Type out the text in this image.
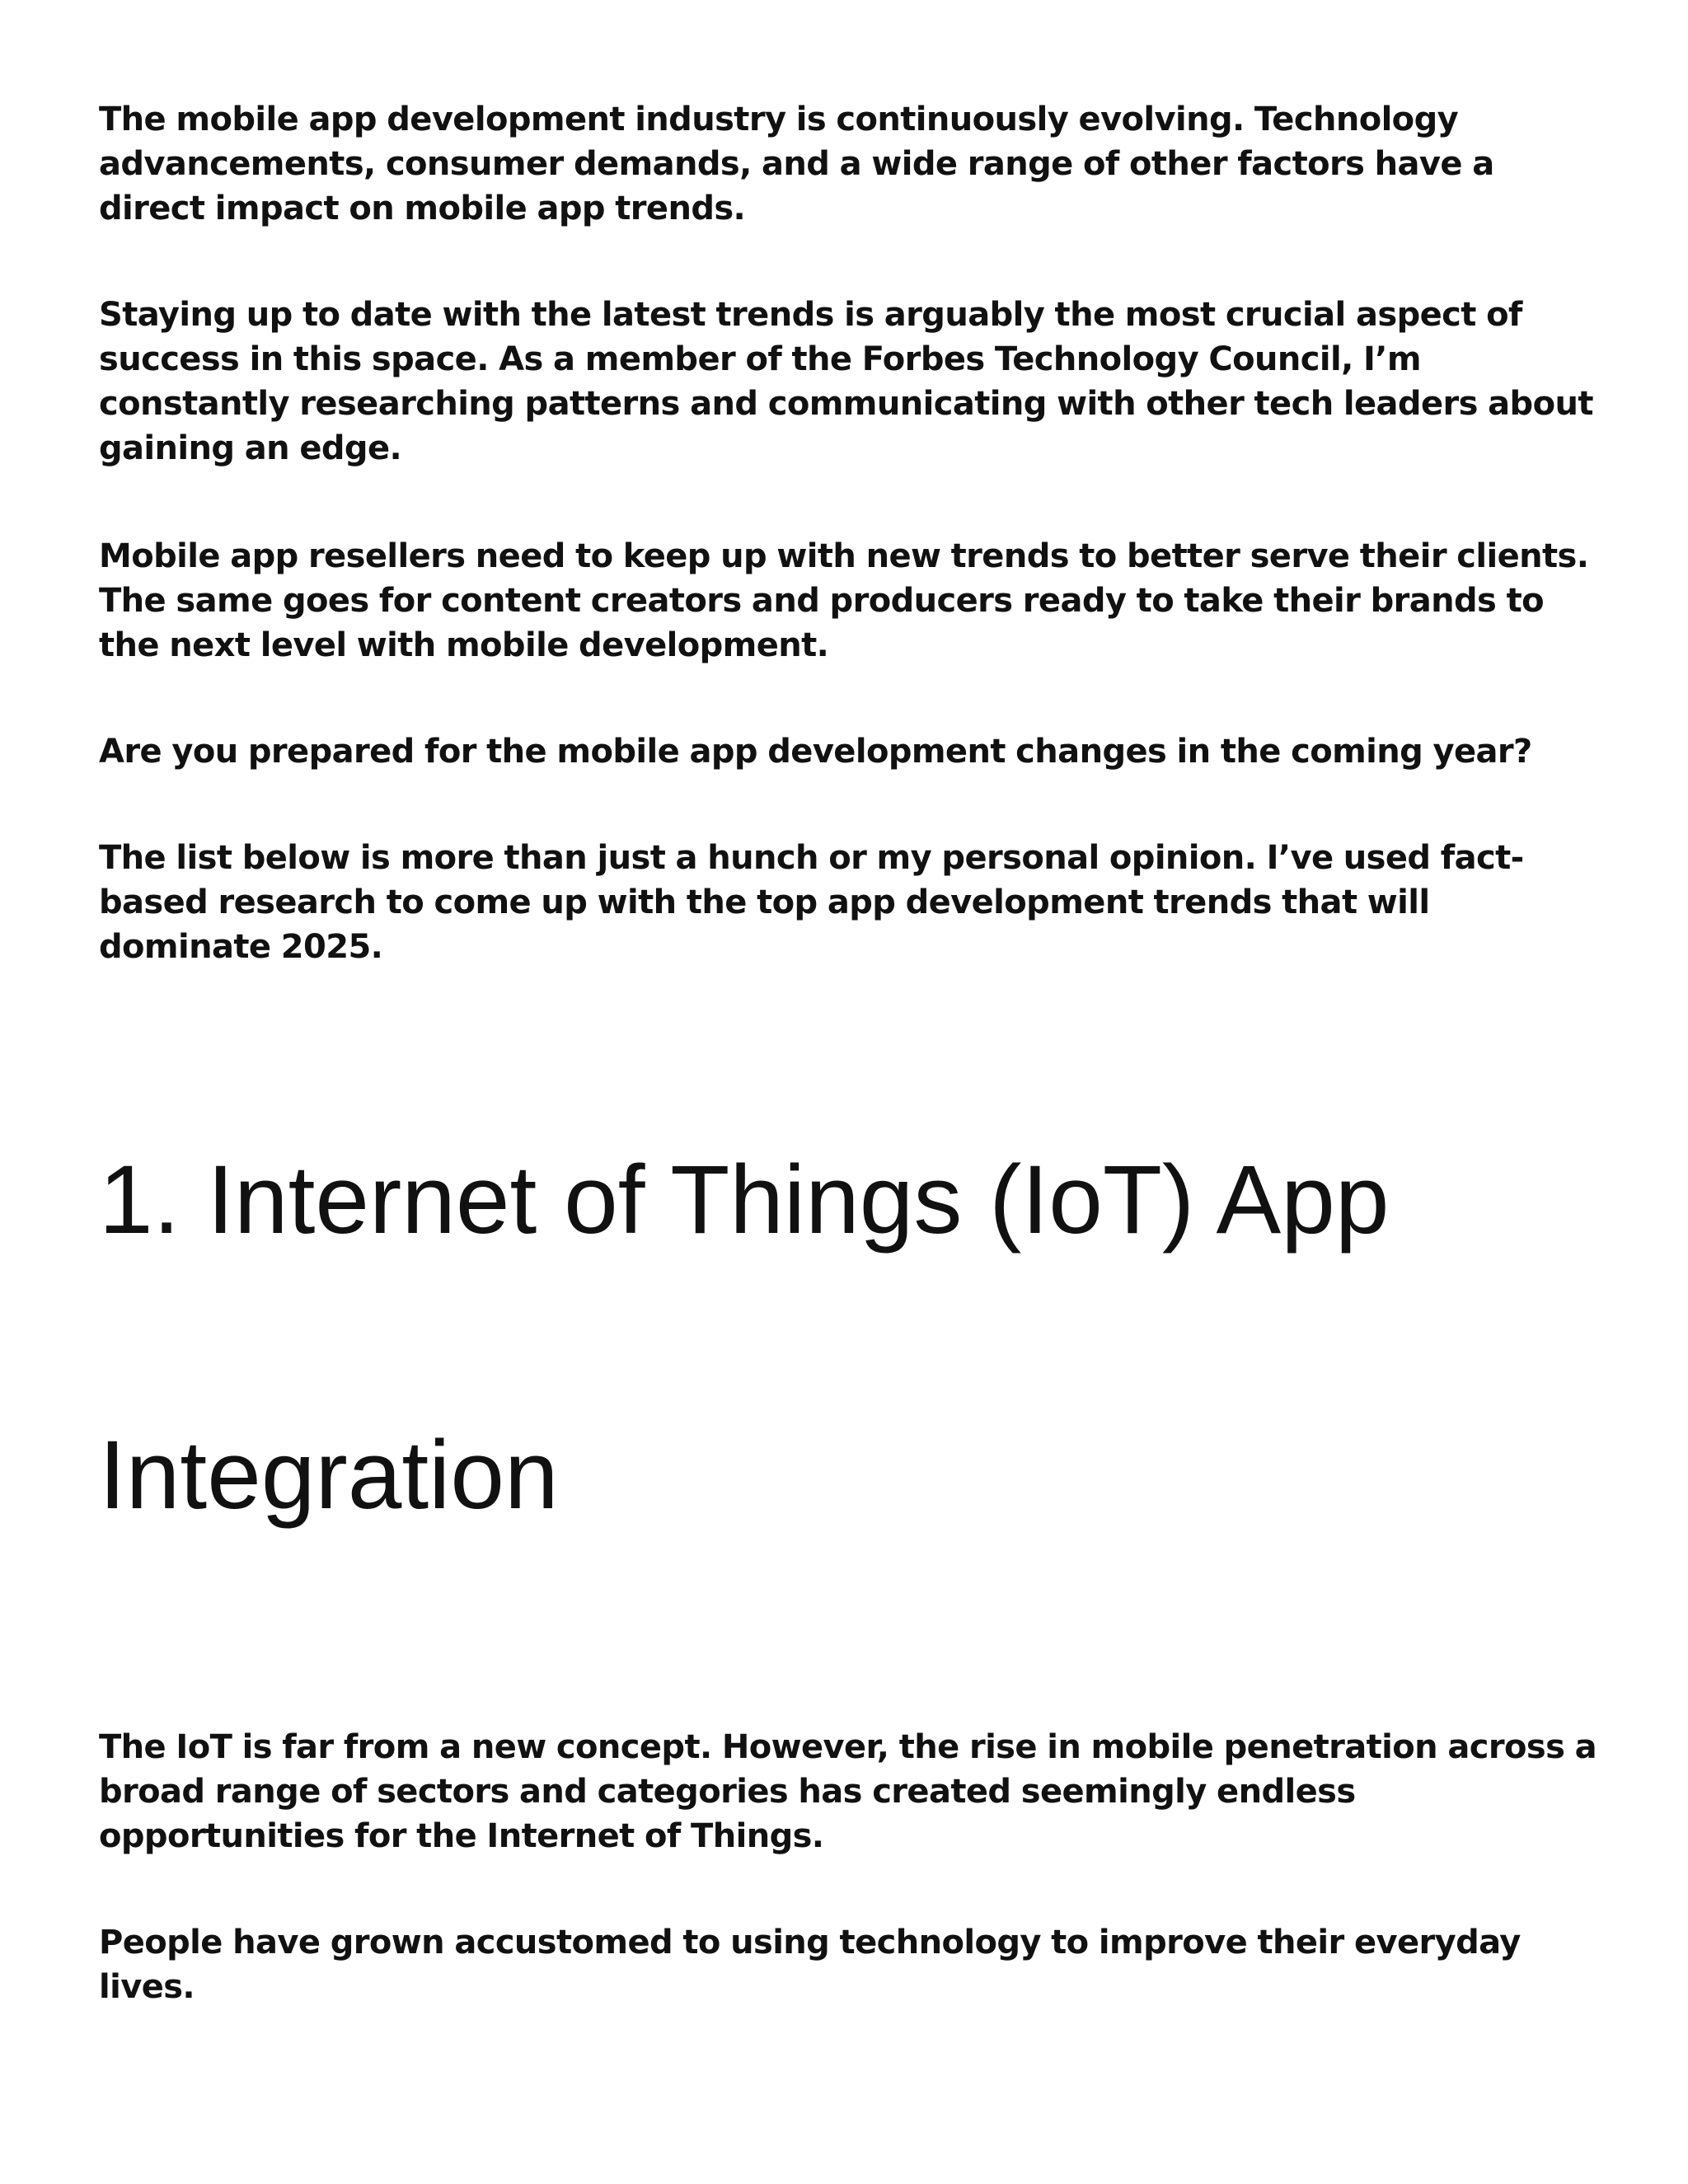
The mobile app development industry is continuously evolving. Technology advancements, consumer demands, and a wide range of other factors have a direct impact on mobile app trends.

Staying up to date with the latest trends is arguably the most crucial aspect of success in this space. As a member of the Forbes Technology Council, I’m constantly researching patterns and communicating with other tech leaders about gaining an edge.

Mobile app resellers need to keep up with new trends to better serve their clients. The same goes for content creators and producers ready to take their brands to the next level with mobile development.

Are you prepared for the mobile app development changes in the coming year?

The list below is more than just a hunch or my personal opinion. I’ve used fact-based research to come up with the top app development trends that will dominate 2025.

1. Internet of Things (IoT) App
Integration

The IoT is far from a new concept. However, the rise in mobile penetration across a broad range of sectors and categories has created seemingly endless opportunities for the Internet of Things.

People have grown accustomed to using technology to improve their everyday lives.
